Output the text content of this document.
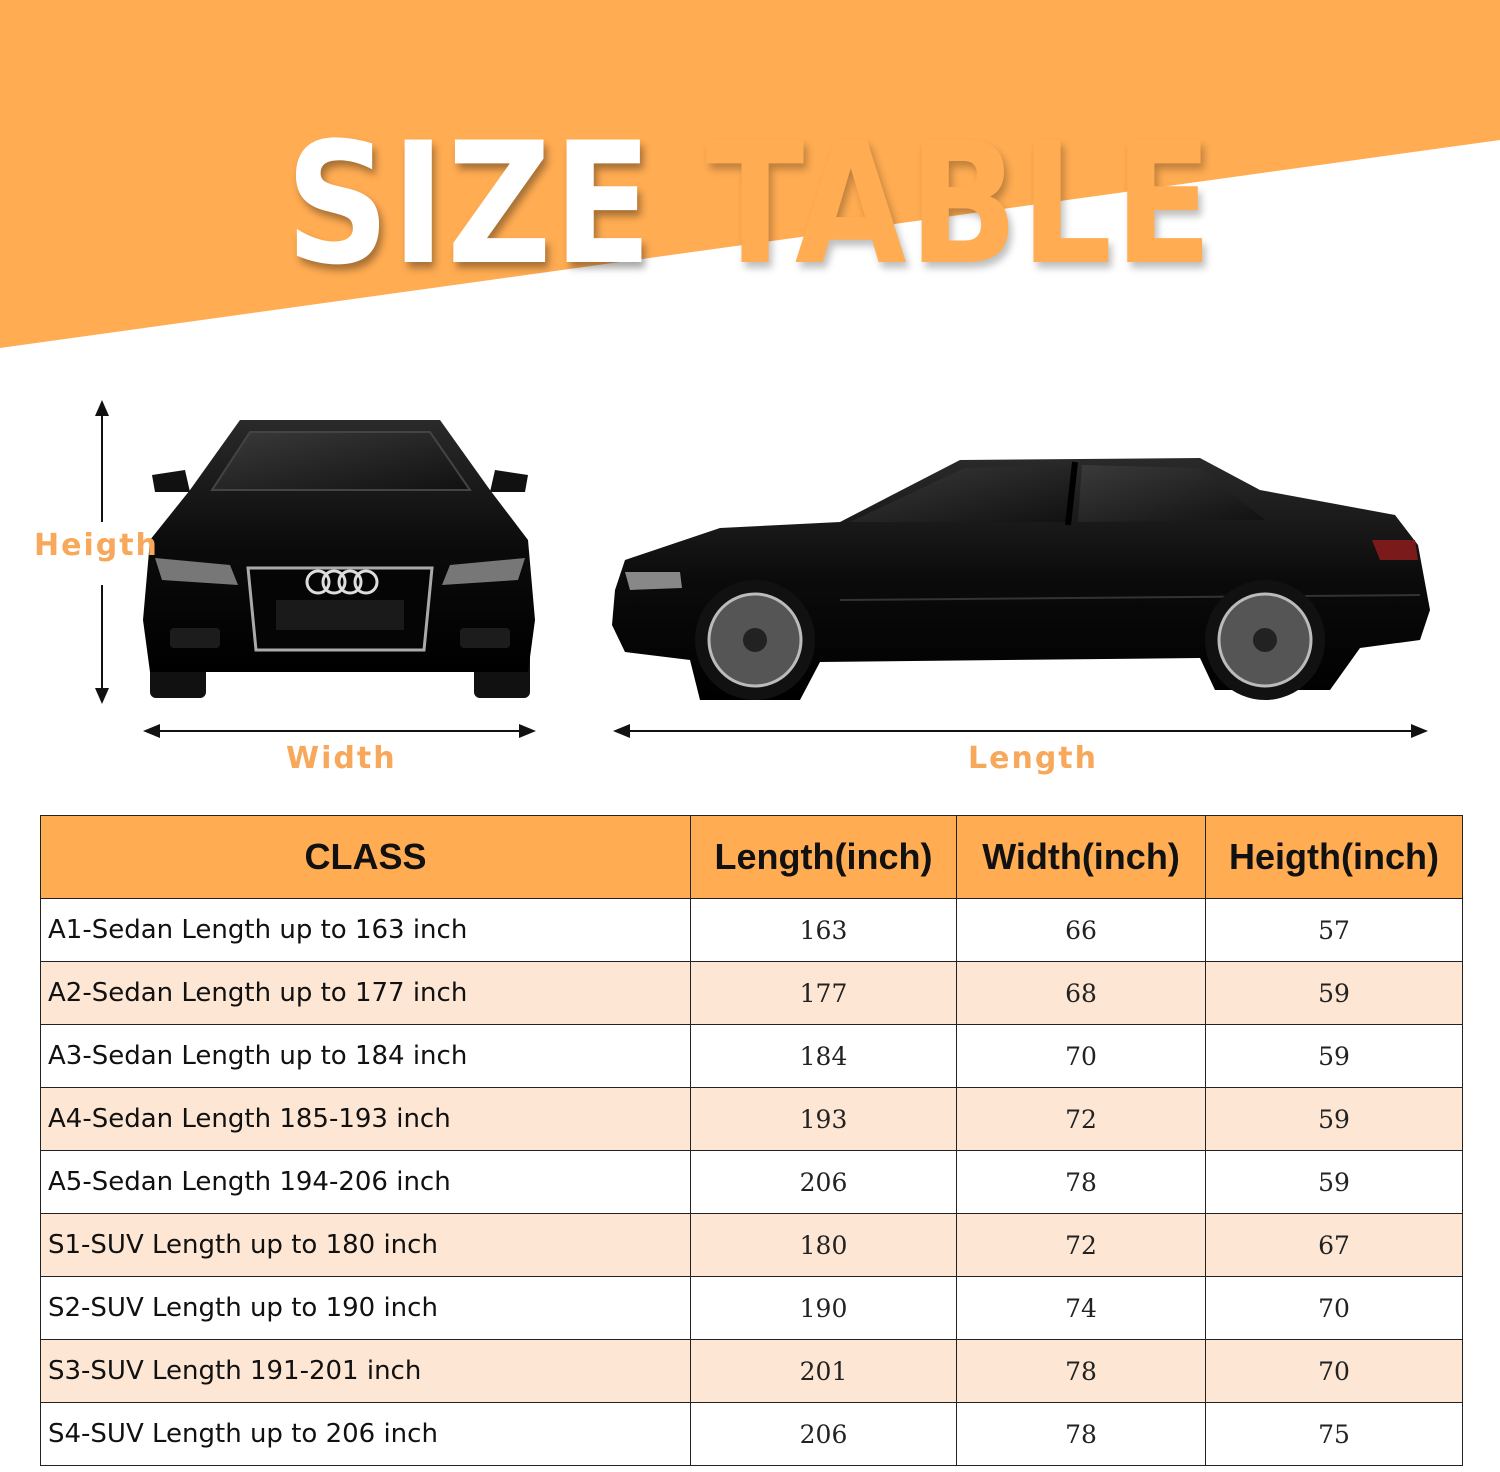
SIZE TABLE
Heigth
Width	Length
CLASS	Length(inch)	Width(inch)	Heigth(inch)
A1-Sedan Length up to 163 inch	163	66	57
A2-Sedan Length up to 177 inch	177	68	59
A3-Sedan Length up to 184 inch	184	70	59
A4-Sedan Length 185-193 inch	193	72	59
A5-Sedan Length 194-206 inch	206	78	59
S1-SUV Length up to 180 inch	180	72	67
S2-SUV Length up to 190 inch	190	74	70
S3-SUV Length 191-201 inch	201	78	70
S4-SUV Length up to 206 inch	206	78	75
